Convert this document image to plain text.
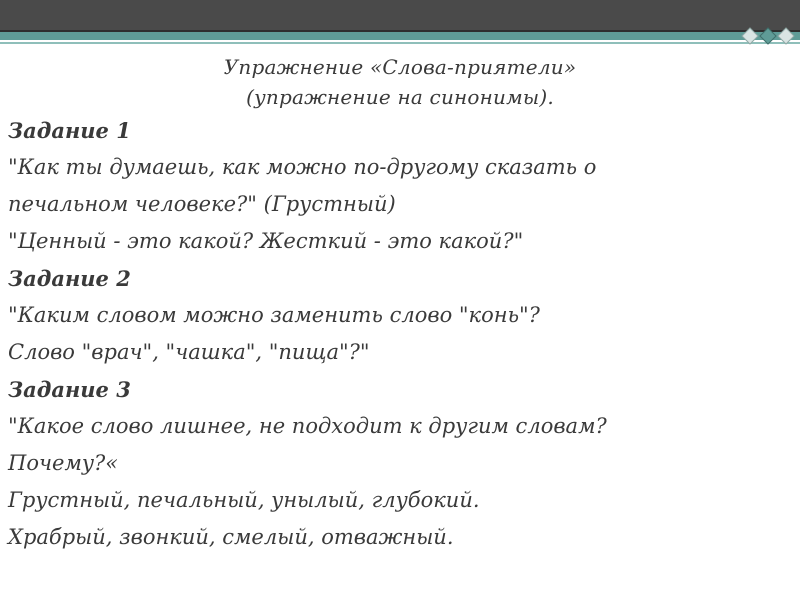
Упражнение «Слова-приятели»
(упражнение на синонимы).
Задание 1
"Как ты думаешь, как можно по-другому сказать о
печальном человеке?" (Грустный)
"Ценный - это какой? Жесткий - это какой?"
Задание 2
"Каким словом можно заменить слово "конь"?
Слово "врач", "чашка", "пища"?"
Задание 3
"Какое слово лишнее, не подходит к другим словам?
Почему?«
Грустный, печальный, унылый, глубокий.
Храбрый, звонкий, смелый, отважный.
